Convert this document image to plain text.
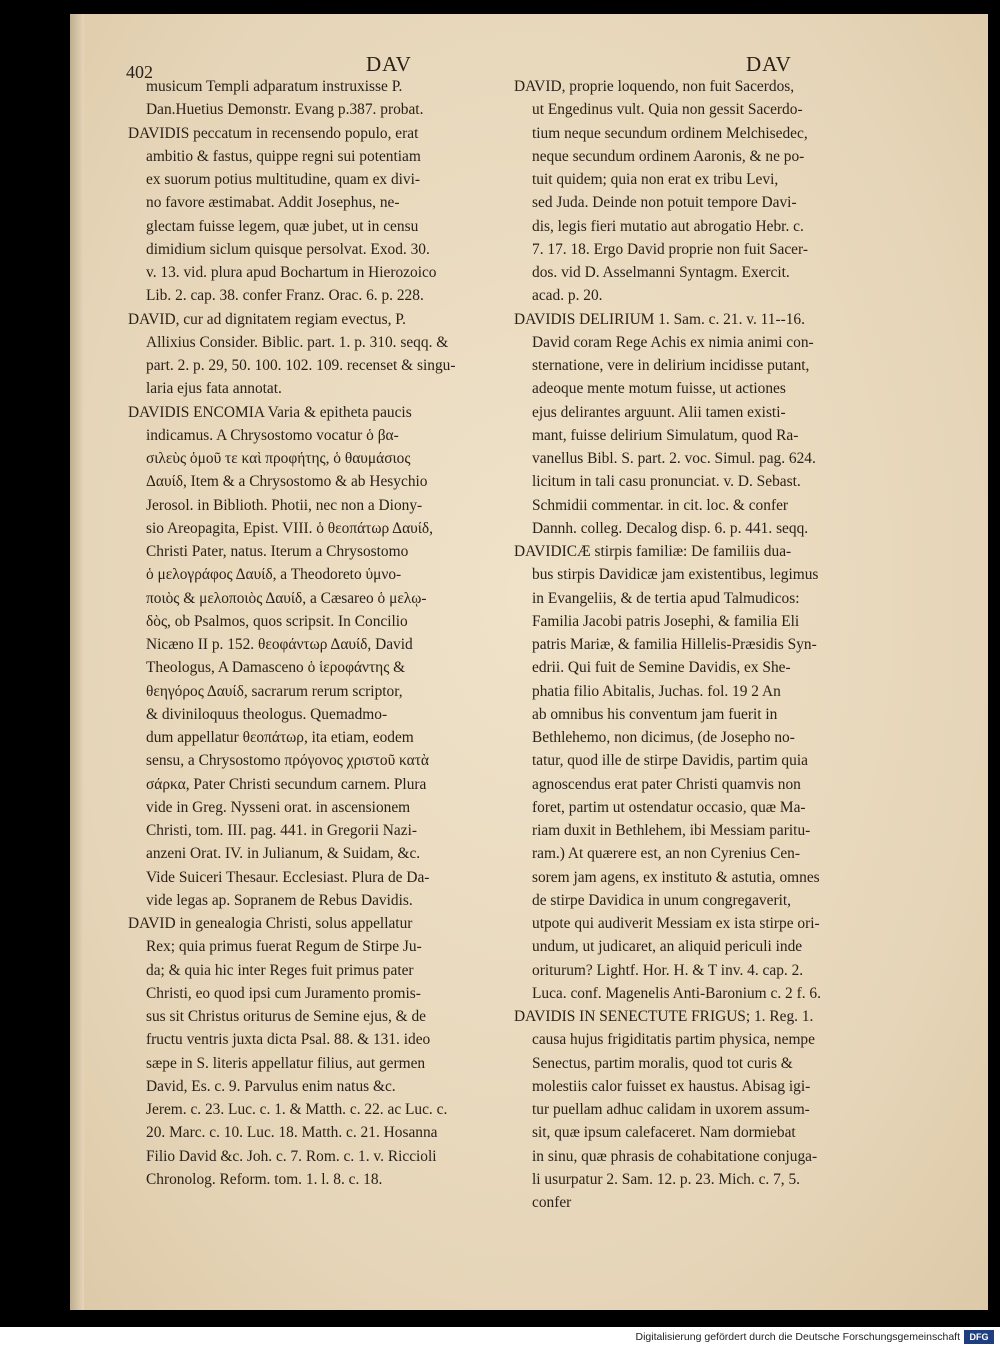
402	DAV	DAV

musicum Templi adparatum instruxisse P.
Dan.Huetius Demonstr. Evang p.387. probat.

DAVIDIS peccatum in recensendo populo, erat
ambitio & fastus, quippe regni sui potentiam
ex suorum potius multitudine, quam ex divi-
no favore æstimabat. Addit Josephus, ne-
glectam fuisse legem, quæ jubet, ut in censu
dimidium siclum quisque persolvat. Exod. 30.
v. 13. vid. plura apud Bochartum in Hierozoico
Lib. 2. cap. 38. confer Franz. Orac. 6. p. 228.

DAVID, cur ad dignitatem regiam evectus, P.
Allixius Consider. Biblic. part. 1. p. 310. seqq. &
part. 2. p. 29, 50. 100. 102. 109. recenset & singu-
laria ejus fata annotat.

DAVIDIS ENCOMIA Varia & epitheta paucis
indicamus. A Chrysostomo vocatur ὁ βα-
σιλεὺς ὁμοῦ τε καὶ προφήτης, ὁ θαυμάσιος
Δαυίδ, Item & a Chrysostomo & ab Hesychio
Jerosol. in Biblioth. Photii, nec non a Diony-
sio Areopagita, Epist. VIII. ὁ θεοπάτωρ Δαυίδ,
Christi Pater, natus. Iterum a Chrysostomo
ὁ μελογράφος Δαυίδ, a Theodoreto ὑμνο-
ποιὸς & μελοποιὸς Δαυίδ, a Cæsareo ὁ μελῳ-
δὸς, ob Psalmos, quos scripsit. In Concilio
Nicæno II p. 152. θεοφάντωρ Δαυίδ, David
Theologus, A Damasceno ὁ ἱεροφάντης &
θεηγόρος Δαυίδ, sacrarum rerum scriptor,
& diviniloquus theologus. Quemadmo-
dum appellatur θεοπάτωρ, ita etiam, eodem
sensu, a Chrysostomo πρόγονος χριστοῦ κατὰ
σάρκα, Pater Christi secundum carnem. Plura
vide in Greg. Nysseni orat. in ascensionem
Christi, tom. III. pag. 441. in Gregorii Nazi-
anzeni Orat. IV. in Julianum, & Suidam, &c.
Vide Suiceri Thesaur. Ecclesiast. Plura de Da-
vide legas ap. Sopranem de Rebus Davidis.

DAVID in genealogia Christi, solus appellatur
Rex; quia primus fuerat Regum de Stirpe Ju-
da; & quia hic inter Reges fuit primus pater
Christi, eo quod ipsi cum Juramento promis-
sus sit Christus oriturus de Semine ejus, & de
fructu ventris juxta dicta Psal. 88. & 131. ideo
sæpe in S. literis appellatur filius, aut germen
David, Es. c. 9. Parvulus enim natus &c.
Jerem. c. 23. Luc. c. 1. & Matth. c. 22. ac Luc. c.
20. Marc. c. 10. Luc. 18. Matth. c. 21. Hosanna
Filio David &c. Joh. c. 7. Rom. c. 1. v. Riccioli
Chronolog. Reform. tom. 1. l. 8. c. 18.

DAVID, proprie loquendo, non fuit Sacerdos,
ut Engedinus vult. Quia non gessit Sacerdo-
tium neque secundum ordinem Melchisedec,
neque secundum ordinem Aaronis, & ne po-
tuit quidem; quia non erat ex tribu Levi,
sed Juda. Deinde non potuit tempore Davi-
dis, legis fieri mutatio aut abrogatio Hebr. c.
7. 17. 18. Ergo David proprie non fuit Sacer-
dos. vid D. Asselmanni Syntagm. Exercit.
acad. p. 20.

DAVIDIS DELIRIUM 1. Sam. c. 21. v. 11--16.
David coram Rege Achis ex nimia animi con-
sternatione, vere in delirium incidisse putant,
adeoque mente motum fuisse, ut actiones
ejus delirantes arguunt. Alii tamen existi-
mant, fuisse delirium Simulatum, quod Ra-
vanellus Bibl. S. part. 2. voc. Simul. pag. 624.
licitum in tali casu pronunciat. v. D. Sebast.
Schmidii commentar. in cit. loc. & confer
Dannh. colleg. Decalog disp. 6. p. 441. seqq.

DAVIDICÆ stirpis familiæ: De familiis dua-
bus stirpis Davidicæ jam existentibus, legimus
in Evangeliis, & de tertia apud Talmudicos:
Familia Jacobi patris Josephi, & familia Eli
patris Mariæ, & familia Hillelis-Præsidis Syn-
edrii. Qui fuit de Semine Davidis, ex She-
phatia filio Abitalis, Juchas. fol. 19 2 An
ab omnibus his conventum jam fuerit in
Bethlehemo, non dicimus, (de Josepho no-
tatur, quod ille de stirpe Davidis, partim quia
agnoscendus erat pater Christi quamvis non
foret, partim ut ostendatur occasio, quæ Ma-
riam duxit in Bethlehem, ibi Messiam paritu-
ram.) At quærere est, an non Cyrenius Cen-
sorem jam agens, ex instituto & astutia, omnes
de stirpe Davidica in unum congregaverit,
utpote qui audiverit Messiam ex ista stirpe ori-
undum, ut judicaret, an aliquid periculi inde
oriturum? Lightf. Hor. H. & T inv. 4. cap. 2.
Luca. conf. Magenelis Anti-Baronium c. 2 f. 6.

DAVIDIS IN SENECTUTE FRIGUS; 1. Reg. 1.
causa hujus frigiditatis partim physica, nempe
Senectus, partim moralis, quod tot curis &
molestiis calor fuisset ex haustus. Abisag igi-
tur puellam adhuc calidam in uxorem assum-
sit, quæ ipsum calefaceret. Nam dormiebat
in sinu, quæ phrasis de cohabitatione conjuga-
li usurpatur 2. Sam. 12. p. 23. Mich. c. 7, 5.
confer

Digitalisierung gefördert durch die Deutsche Forschungsgemeinschaft	DFG
